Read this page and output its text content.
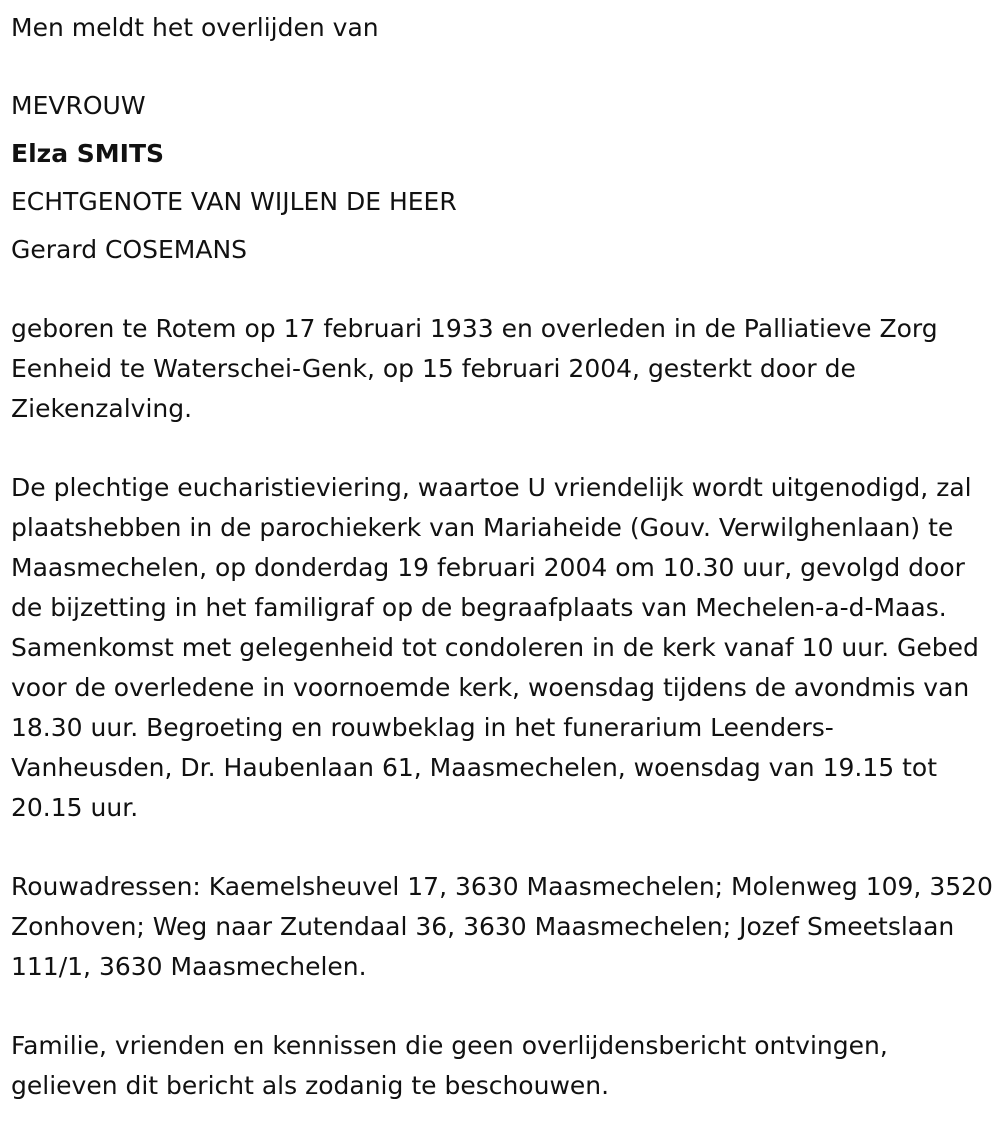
Men meldt het overlijden van
MEVROUW
Elza SMITS
ECHTGENOTE VAN WIJLEN DE HEER
Gerard COSEMANS
geboren te Rotem op 17 februari 1933 en overleden in de Palliatieve Zorg Eenheid te Waterschei-Genk, op 15 februari 2004, gesterkt door de Ziekenzalving.
De plechtige eucharistieviering, waartoe U vriendelijk wordt uitgenodigd, zal plaatshebben in de parochiekerk van Mariaheide (Gouv. Verwilghenlaan) te Maasmechelen, op donderdag 19 februari 2004 om 10.30 uur, gevolgd door de bijzetting in het familigraf op de begraafplaats van Mechelen-a-d-Maas. Samenkomst met gelegenheid tot condoleren in de kerk vanaf 10 uur. Gebed voor de overledene in voornoemde kerk, woensdag tijdens de avondmis van 18.30 uur. Begroeting en rouwbeklag in het funerarium Leenders-Vanheusden, Dr. Haubenlaan 61, Maasmechelen, woensdag van 19.15 tot 20.15 uur.
Rouwadressen: Kaemelsheuvel 17, 3630 Maasmechelen; Molenweg 109, 3520 Zonhoven; Weg naar Zutendaal 36, 3630 Maasmechelen; Jozef Smeetslaan 111/1, 3630 Maasmechelen.
Familie, vrienden en kennissen die geen overlijdensbericht ontvingen, gelieven dit bericht als zodanig te beschouwen.
